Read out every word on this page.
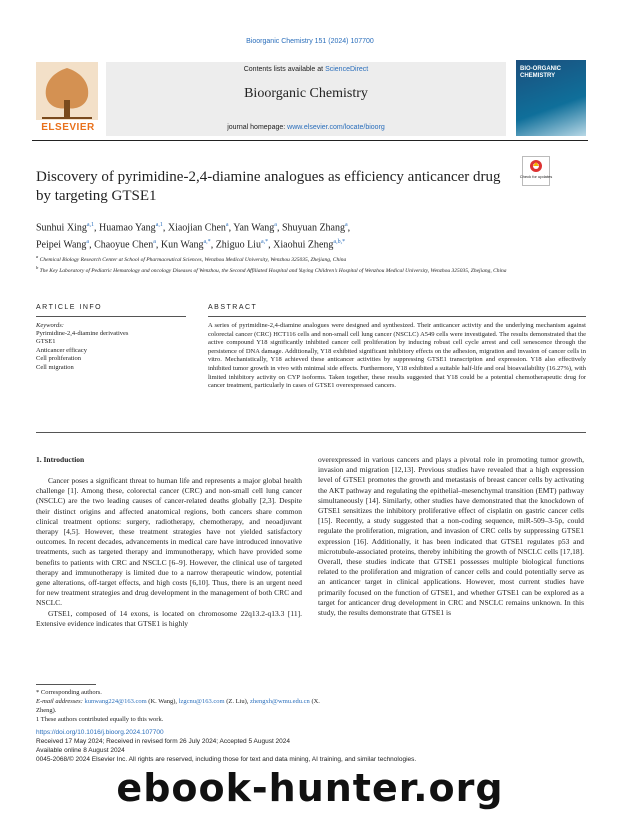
Bioorganic Chemistry 151 (2024) 107700
ELSEVIER
Contents lists available at ScienceDirect
Bioorganic Chemistry
journal homepage: www.elsevier.com/locate/bioorg
BIO-ORGANIC CHEMISTRY
Check for updates
Discovery of pyrimidine-2,4-diamine analogues as efficiency anticancer drug by targeting GTSE1
Sunhui Xing$^{a,1}$, Huamao Yang$^{a,1}$, Xiaojian Chen$^a$, Yan Wang$^a$, Shuyuan Zhang$^a$,
Peipei Wang$^a$, Chaoyue Chen$^a$, Kun Wang$^{a,*}$, Zhiguo Liu$^{a,*}$, Xiaohui Zheng$^{a,b,*}$
$^a$ Chemical Biology Research Center at School of Pharmaceutical Sciences, Wenzhou Medical University, Wenzhou 325035, Zhejiang, China
$^b$ The Key Laboratory of Pediatric Hematology and oncology Diseases of Wenzhou, the Second Affiliated Hospital and Yuying Children’s Hospital of Wenzhou Medical University, Wenzhou 325035, Zhejiang, China
ARTICLE INFO	ABSTRACT
Keywords:
Pyrimidine-2,4-diamine derivatives
GTSE1
Anticancer efficacy
Cell proliferation
Cell migration
A series of pyrimidine-2,4-diamine analogues were designed and synthesized. Their anticancer activity and the underlying mechanism against colorectal cancer (CRC) HCT116 cells and non-small cell lung cancer (NSCLC) A549 cells were investigated. The results demonstrated that the active compound Y18 significantly inhibited cancer cell proliferation by inducing robust cell cycle arrest and cell senescence through the persistence of DNA damage. Additionally, Y18 exhibited significant inhibitory effects on the adhesion, migration and invasion of cancer cells in vitro. Mechanistically, Y18 achieved these anticancer activities by suppressing GTSE1 transcription and expression. Y18 also effectively inhibited tumor growth in vivo with minimal side effects. Furthermore, Y18 exhibited a suitable half-life and oral bioavailability (16.27%), with limited inhibitory activity on CYP isoforms. Taken together, these results suggested that Y18 could be a potential chemotherapeutic drug for cancer treatment, particularly in cases of GTSE1 overexpressed cancers.
1. Introduction

Cancer poses a significant threat to human life and represents a major global health challenge [1]. Among these, colorectal cancer (CRC) and non-small cell lung cancer (NSCLC) are the two leading causes of cancer-related deaths globally [2,3]. Despite their distinct origins and affected anatomical regions, both cancers share common clinical treatment options: surgery, radiotherapy, chemotherapy, and neoadjuvant therapy [4,5]. However, these treatment strategies have not yielded satisfactory outcomes. In recent decades, advancements in medical care have introduced innovative treatments, such as targeted therapy and immunotherapy, which have provided some benefits to patients with CRC and NSCLC [6–9]. However, the clinical use of targeted therapy and immunotherapy is limited due to a narrow therapeutic window, potential gene alterations, off-target effects, and high costs [6,10]. Thus, there is an urgent need for new treatment strategies and drug development in the management of both CRC and NSCLC.

GTSE1, composed of 14 exons, is located on chromosome 22q13.2-q13.3 [11]. Extensive evidence indicates that GTSE1 is highly

overexpressed in various cancers and plays a pivotal role in promoting tumor growth, invasion and migration [12,13]. Previous studies have revealed that a high expression level of GTSE1 promotes the growth and metastasis of breast cancer cells by activating the AKT pathway and regulating the epithelial–mesenchymal transition (EMT) pathway simultaneously [14]. Similarly, other studies have demonstrated that the knockdown of GTSE1 sensitizes the inhibitory proliferative effect of cisplatin on gastric cancer cells [15]. Recently, a study suggested that a non-coding sequence, miR-509–3-5p, could regulate the proliferation, migration, and invasion of CRC cells by suppressing GTSE1 expression [16]. Additionally, it has been indicated that GTSE1 regulates p53 and microtubule-associated proteins, thereby inhibiting the growth of NSCLC cells [17,18]. Overall, these studies indicate that GTSE1 possesses multiple biological functions related to the proliferation and migration of cancer cells and could potentially serve as an anticancer target in clinical applications. However, most current studies have primarily focused on the function of GTSE1, and whether GTSE1 can be explored as a target for anticancer drug development in CRC and NSCLC remains unknown. In this study, the results demonstrate that GTSE1 is

* Corresponding authors.
E-mail addresses: kunwang224@163.com (K. Wang), lzgcnu@163.com (Z. Liu), zhengxh@wmu.edu.cn (X. Zheng).
1 These authors contributed equally to this work.
https://doi.org/10.1016/j.bioorg.2024.107700
Received 17 May 2024; Received in revised form 26 July 2024; Accepted 5 August 2024
Available online 8 August 2024
0045-2068/© 2024 Elsevier Inc. All rights are reserved, including those for text and data mining, AI training, and similar technologies.
ebook-hunter.org
